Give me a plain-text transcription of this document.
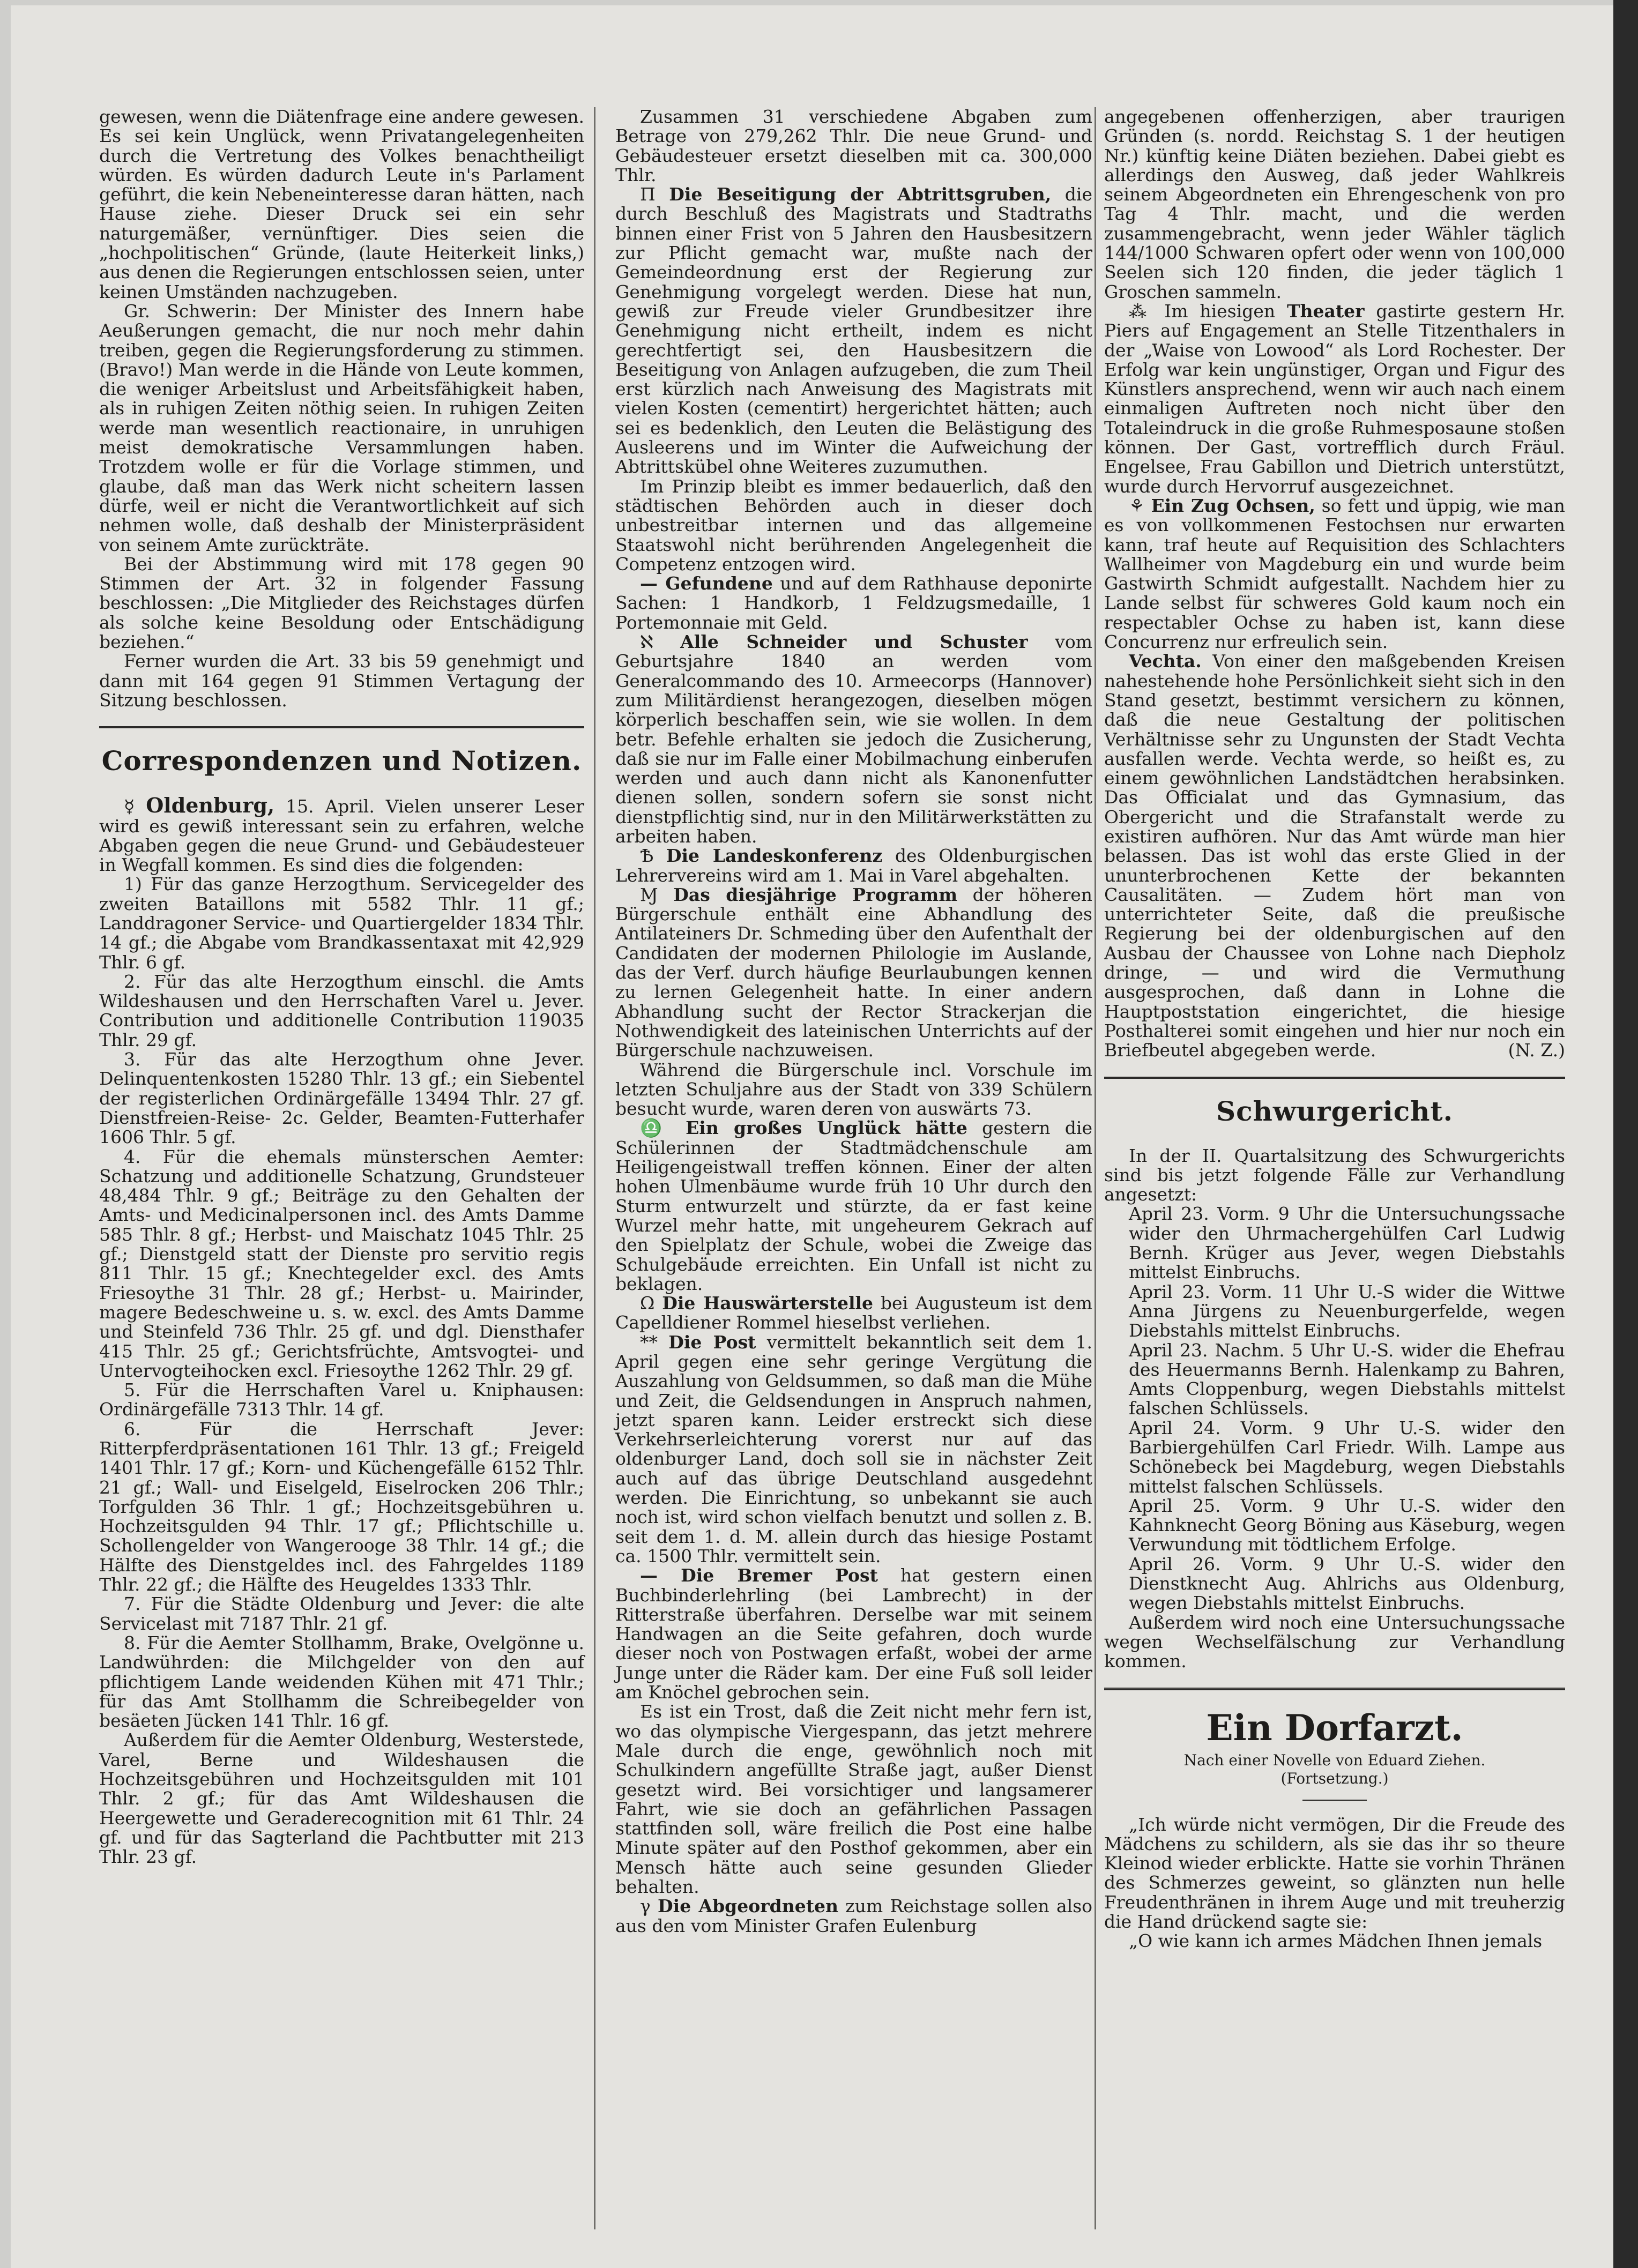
gewesen, wenn die Diätenfrage eine andere gewesen. Es sei kein Unglück, wenn Privatangelegenheiten durch die Vertretung des Volkes benachtheiligt würden. Es würden dadurch Leute in's Parlament geführt, die kein Nebeneinteresse daran hätten, nach Hause ziehe. Dieser Druck sei ein sehr naturgemäßer, vernünftiger. Dies seien die „hochpolitischen“ Gründe, (laute Heiterkeit links,) aus denen die Regierungen entschlossen seien, unter keinen Umständen nachzugeben.

Gr. Schwerin: Der Minister des Innern habe Aeußerungen gemacht, die nur noch mehr dahin treiben, gegen die Regierungsforderung zu stimmen. (Bravo!) Man werde in die Hände von Leute kommen, die weniger Arbeitslust und Arbeitsfähigkeit haben, als in ruhigen Zeiten nöthig seien. In ruhigen Zeiten werde man wesentlich reactionaire, in unruhigen meist demokratische Versammlungen haben. Trotzdem wolle er für die Vorlage stimmen, und glaube, daß man das Werk nicht scheitern lassen dürfe, weil er nicht die Verantwortlichkeit auf sich nehmen wolle, daß deshalb der Ministerpräsident von seinem Amte zurückträte.

Bei der Abstimmung wird mit 178 gegen 90 Stimmen der Art. 32 in folgender Fassung beschlossen: „Die Mitglieder des Reichstages dürfen als solche keine Besoldung oder Entschädigung beziehen.“

Ferner wurden die Art. 33 bis 59 genehmigt und dann mit 164 gegen 91 Stimmen Vertagung der Sitzung beschlossen.

Correspondenzen und Notizen.

☿ Oldenburg, 15. April. Vielen unserer Leser wird es gewiß interessant sein zu erfahren, welche Abgaben gegen die neue Grund- und Gebäudesteuer in Wegfall kommen. Es sind dies die folgenden:

1) Für das ganze Herzogthum. Servicegelder des zweiten Bataillons mit 5582 Thlr. 11 gf.; Landdragoner Service- und Quartiergelder 1834 Thlr. 14 gf.; die Abgabe vom Brandkassentaxat mit 42,929 Thlr. 6 gf.

2. Für das alte Herzogthum einschl. die Amts Wildeshausen und den Herrschaften Varel u. Jever. Contribution und additionelle Contribution 119035 Thlr. 29 gf.

3. Für das alte Herzogthum ohne Jever. Delinquentenkosten 15280 Thlr. 13 gf.; ein Siebentel der registerlichen Ordinärgefälle 13494 Thlr. 27 gf. Dienstfreien-Reise- 2c. Gelder, Beamten-Futterhafer 1606 Thlr. 5 gf.

4. Für die ehemals münsterschen Aemter: Schatzung und additionelle Schatzung, Grundsteuer 48,484 Thlr. 9 gf.; Beiträge zu den Gehalten der Amts- und Medicinalpersonen incl. des Amts Damme 585 Thlr. 8 gf.; Herbst- und Maischatz 1045 Thlr. 25 gf.; Dienstgeld statt der Dienste pro servitio regis 811 Thlr. 15 gf.; Knechtegelder excl. des Amts Friesoythe 31 Thlr. 28 gf.; Herbst- u. Mairinder, magere Bedeschweine u. s. w. excl. des Amts Damme und Steinfeld 736 Thlr. 25 gf. und dgl. Diensthafer 415 Thlr. 25 gf.; Gerichtsfrüchte, Amtsvogtei- und Untervogteihocken excl. Friesoythe 1262 Thlr. 29 gf.

5. Für die Herrschaften Varel u. Kniphausen: Ordinärgefälle 7313 Thlr. 14 gf.

6. Für die Herrschaft Jever: Ritterpferdpräsentationen 161 Thlr. 13 gf.; Freigeld 1401 Thlr. 17 gf.; Korn- und Küchengefälle 6152 Thlr. 21 gf.; Wall- und Eiselgeld, Eiselrocken 206 Thlr.; Torfgulden 36 Thlr. 1 gf.; Hochzeitsgebühren u. Hochzeitsgulden 94 Thlr. 17 gf.; Pflichtschille u. Schollengelder von Wangerooge 38 Thlr. 14 gf.; die Hälfte des Dienstgeldes incl. des Fahrgeldes 1189 Thlr. 22 gf.; die Hälfte des Heugeldes 1333 Thlr.

7. Für die Städte Oldenburg und Jever: die alte Servicelast mit 7187 Thlr. 21 gf.

8. Für die Aemter Stollhamm, Brake, Ovelgönne u. Landwührden: die Milchgelder von den auf pflichtigem Lande weidenden Kühen mit 471 Thlr.; für das Amt Stollhamm die Schreibegelder von besäeten Jücken 141 Thlr. 16 gf.

Außerdem für die Aemter Oldenburg, Westerstede, Varel, Berne und Wildeshausen die Hochzeitsgebühren und Hochzeitsgulden mit 101 Thlr. 2 gf.; für das Amt Wildeshausen die Heergewette und Geraderecognition mit 61 Thlr. 24 gf. und für das Sagterland die Pachtbutter mit 213 Thlr. 23 gf.

Zusammen 31 verschiedene Abgaben zum Betrage von 279,262 Thlr. Die neue Grund- und Gebäudesteuer ersetzt dieselben mit ca. 300,000 Thlr.

Π Die Beseitigung der Abtrittsgruben, die durch Beschluß des Magistrats und Stadtraths binnen einer Frist von 5 Jahren den Hausbesitzern zur Pflicht gemacht war, mußte nach der Gemeindeordnung erst der Regierung zur Genehmigung vorgelegt werden. Diese hat nun, gewiß zur Freude vieler Grundbesitzer ihre Genehmigung nicht ertheilt, indem es nicht gerechtfertigt sei, den Hausbesitzern die Beseitigung von Anlagen aufzugeben, die zum Theil erst kürzlich nach Anweisung des Magistrats mit vielen Kosten (cementirt) hergerichtet hätten; auch sei es bedenklich, den Leuten die Belästigung des Ausleerens und im Winter die Aufweichung der Abtrittskübel ohne Weiteres zuzumuthen.

Im Prinzip bleibt es immer bedauerlich, daß den städtischen Behörden auch in dieser doch unbestreitbar internen und das allgemeine Staatswohl nicht berührenden Angelegenheit die Competenz entzogen wird.

— Gefundene und auf dem Rathhause deponirte Sachen: 1 Handkorb, 1 Feldzugsmedaille, 1 Portemonnaie mit Geld.

ℵ Alle Schneider und Schuster vom Geburtsjahre 1840 an werden vom Generalcommando des 10. Armeecorps (Hannover) zum Militärdienst herangezogen, dieselben mögen körperlich beschaffen sein, wie sie wollen. In dem betr. Befehle erhalten sie jedoch die Zusicherung, daß sie nur im Falle einer Mobilmachung einberufen werden und auch dann nicht als Kanonenfutter dienen sollen, sondern sofern sie sonst nicht dienstpflichtig sind, nur in den Militärwerkstätten zu arbeiten haben.

Ѣ Die Landeskonferenz des Oldenburgischen Lehrervereins wird am 1. Mai in Varel abgehalten.

Ɱ Das diesjährige Programm der höheren Bürgerschule enthält eine Abhandlung des Antilateiners Dr. Schmeding über den Aufenthalt der Candidaten der modernen Philologie im Auslande, das der Verf. durch häufige Beurlaubungen kennen zu lernen Gelegenheit hatte. In einer andern Abhandlung sucht der Rector Strackerjan die Nothwendigkeit des lateinischen Unterrichts auf der Bürgerschule nachzuweisen.

Während die Bürgerschule incl. Vorschule im letzten Schuljahre aus der Stadt von 339 Schülern besucht wurde, waren deren von auswärts 73.

♎ Ein großes Unglück hätte gestern die Schülerinnen der Stadtmädchenschule am Heiligengeistwall treffen können. Einer der alten hohen Ulmenbäume wurde früh 10 Uhr durch den Sturm entwurzelt und stürzte, da er fast keine Wurzel mehr hatte, mit ungeheurem Gekrach auf den Spielplatz der Schule, wobei die Zweige das Schulgebäude erreichten. Ein Unfall ist nicht zu beklagen.

Ω Die Hauswärterstelle bei Augusteum ist dem Capelldiener Rommel hieselbst verliehen.

** Die Post vermittelt bekanntlich seit dem 1. April gegen eine sehr geringe Vergütung die Auszahlung von Geldsummen, so daß man die Mühe und Zeit, die Geldsendungen in Anspruch nahmen, jetzt sparen kann. Leider erstreckt sich diese Verkehrserleichterung vorerst nur auf das oldenburger Land, doch soll sie in nächster Zeit auch auf das übrige Deutschland ausgedehnt werden. Die Einrichtung, so unbekannt sie auch noch ist, wird schon vielfach benutzt und sollen z. B. seit dem 1. d. M. allein durch das hiesige Postamt ca. 1500 Thlr. vermittelt sein.

— Die Bremer Post hat gestern einen Buchbinderlehrling (bei Lambrecht) in der Ritterstraße überfahren. Derselbe war mit seinem Handwagen an die Seite gefahren, doch wurde dieser noch von Postwagen erfaßt, wobei der arme Junge unter die Räder kam. Der eine Fuß soll leider am Knöchel gebrochen sein.

Es ist ein Trost, daß die Zeit nicht mehr fern ist, wo das olympische Viergespann, das jetzt mehrere Male durch die enge, gewöhnlich noch mit Schulkindern angefüllte Straße jagt, außer Dienst gesetzt wird. Bei vorsichtiger und langsamerer Fahrt, wie sie doch an gefährlichen Passagen stattfinden soll, wäre freilich die Post eine halbe Minute später auf den Posthof gekommen, aber ein Mensch hätte auch seine gesunden Glieder behalten.

γ Die Abgeordneten zum Reichstage sollen also aus den vom Minister Grafen Eulenburg

angegebenen offenherzigen, aber traurigen Gründen (s. nordd. Reichstag S. 1 der heutigen Nr.) künftig keine Diäten beziehen. Dabei giebt es allerdings den Ausweg, daß jeder Wahlkreis seinem Abgeordneten ein Ehrengeschenk von pro Tag 4 Thlr. macht, und die werden zusammengebracht, wenn jeder Wähler täglich 144/1000 Schwaren opfert oder wenn von 100,000 Seelen sich 120 finden, die jeder täglich 1 Groschen sammeln.

⁂ Im hiesigen Theater gastirte gestern Hr. Piers auf Engagement an Stelle Titzenthalers in der „Waise von Lowood“ als Lord Rochester. Der Erfolg war kein ungünstiger, Organ und Figur des Künstlers ansprechend, wenn wir auch nach einem einmaligen Auftreten noch nicht über den Totaleindruck in die große Ruhmesposaune stoßen können. Der Gast, vortrefflich durch Fräul. Engelsee, Frau Gabillon und Dietrich unterstützt, wurde durch Hervorruf ausgezeichnet.

⚘ Ein Zug Ochsen, so fett und üppig, wie man es von vollkommenen Festochsen nur erwarten kann, traf heute auf Requisition des Schlachters Wallheimer von Magdeburg ein und wurde beim Gastwirth Schmidt aufgestallt. Nachdem hier zu Lande selbst für schweres Gold kaum noch ein respectabler Ochse zu haben ist, kann diese Concurrenz nur erfreulich sein.

Vechta. Von einer den maßgebenden Kreisen nahestehende hohe Persönlichkeit sieht sich in den Stand gesetzt, bestimmt versichern zu können, daß die neue Gestaltung der politischen Verhältnisse sehr zu Ungunsten der Stadt Vechta ausfallen werde. Vechta werde, so heißt es, zu einem gewöhnlichen Landstädtchen herabsinken. Das Officialat und das Gymnasium, das Obergericht und die Strafanstalt werde zu existiren aufhören. Nur das Amt würde man hier belassen. Das ist wohl das erste Glied in der ununterbrochenen Kette der bekannten Causalitäten. — Zudem hört man von unterrichteter Seite, daß die preußische Regierung bei der oldenburgischen auf den Ausbau der Chaussee von Lohne nach Diepholz dringe, — und wird die Vermuthung ausgesprochen, daß dann in Lohne die Hauptpoststation eingerichtet, die hiesige Posthalterei somit eingehen und hier nur noch ein Briefbeutel abgegeben werde.	(N. Z.)

Schwurgericht.

In der II. Quartalsitzung des Schwurgerichts sind bis jetzt folgende Fälle zur Verhandlung angesetzt:

April 23. Vorm. 9 Uhr die Untersuchungssache wider den Uhrmachergehülfen Carl Ludwig Bernh. Krüger aus Jever, wegen Diebstahls mittelst Einbruchs.

April 23. Vorm. 11 Uhr U.-S wider die Wittwe Anna Jürgens zu Neuenburgerfelde, wegen Diebstahls mittelst Einbruchs.

April 23. Nachm. 5 Uhr U.-S. wider die Ehefrau des Heuermanns Bernh. Halenkamp zu Bahren, Amts Cloppenburg, wegen Diebstahls mittelst falschen Schlüssels.

April 24. Vorm. 9 Uhr U.-S. wider den Barbiergehülfen Carl Friedr. Wilh. Lampe aus Schönebeck bei Magdeburg, wegen Diebstahls mittelst falschen Schlüssels.

April 25. Vorm. 9 Uhr U.-S. wider den Kahnknecht Georg Böning aus Käseburg, wegen Verwundung mit tödtlichem Erfolge.

April 26. Vorm. 9 Uhr U.-S. wider den Dienstknecht Aug. Ahlrichs aus Oldenburg, wegen Diebstahls mittelst Einbruchs.

Außerdem wird noch eine Untersuchungssache wegen Wechselfälschung zur Verhandlung kommen.

Ein Dorfarzt.

Nach einer Novelle von Eduard Ziehen.

(Fortsetzung.)

„Ich würde nicht vermögen, Dir die Freude des Mädchens zu schildern, als sie das ihr so theure Kleinod wieder erblickte. Hatte sie vorhin Thränen des Schmerzes geweint, so glänzten nun helle Freudenthränen in ihrem Auge und mit treuherzig die Hand drückend sagte sie:

„O wie kann ich armes Mädchen Ihnen jemals
